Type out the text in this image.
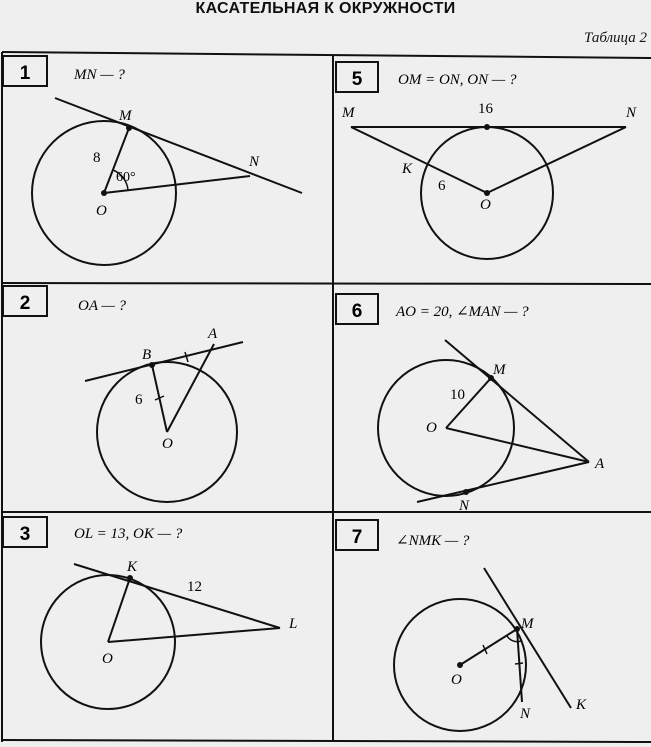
КАСАТЕЛЬНАЯ К ОКРУЖНОСТИ
Таблица 2
1	MN — ?
M
N
O
8
60°
5 OM = ON, ON — ?
M	N
K
O
16
6
2	OA — ?
A
B
O
6
6 AO = 20, ∠MAN — ?
M
N
A
O
10
3	OL = 13, OK — ?
K
L
O
12
7 ∠NMK — ?
M
N
K
O
